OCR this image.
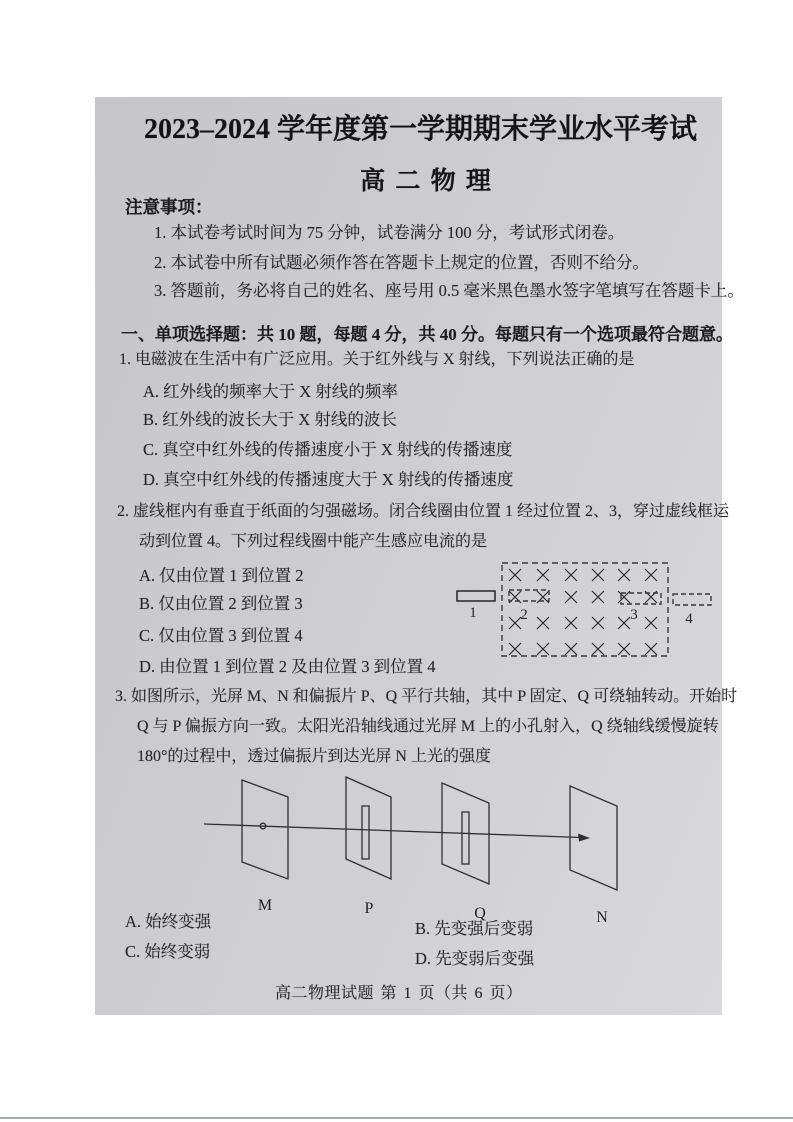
2023–2024 学年度第一学期期末学业水平考试
高 二 物 理
注意事项：
1. 本试卷考试时间为 75 分钟，试卷满分 100 分，考试形式闭卷。
2. 本试卷中所有试题必须作答在答题卡上规定的位置，否则不给分。
3. 答题前，务必将自己的姓名、座号用 0.5 毫米黑色墨水签字笔填写在答题卡上。
一、单项选择题：共 10 题，每题 4 分，共 40 分。每题只有一个选项最符合题意。
1. 电磁波在生活中有广泛应用。关于红外线与 X 射线，下列说法正确的是
A. 红外线的频率大于 X 射线的频率
B. 红外线的波长大于 X 射线的波长
C. 真空中红外线的传播速度小于 X 射线的传播速度
D. 真空中红外线的传播速度大于 X 射线的传播速度
2. 虚线框内有垂直于纸面的匀强磁场。闭合线圈由位置 1 经过位置 2、3，穿过虚线框运动到位置 4。下列过程线圈中能产生感应电流的是
A. 仅由位置 1 到位置 2
B. 仅由位置 2 到位置 3
C. 仅由位置 3 到位置 4
D. 由位置 1 到位置 2 及由位置 3 到位置 4
1	2	3	4
3. 如图所示，光屏 M、N 和偏振片 P、Q 平行共轴，其中 P 固定、Q 可绕轴转动。开始时 Q 与 P 偏振方向一致。太阳光沿轴线通过光屏 M 上的小孔射入，Q 绕轴线缓慢旋转 180°的过程中，透过偏振片到达光屏 N 上光的强度
M	P	Q	N
A. 始终变强	B. 先变强后变弱
C. 始终变弱	D. 先变弱后变强
高二物理试题 第 1 页（共 6 页）
